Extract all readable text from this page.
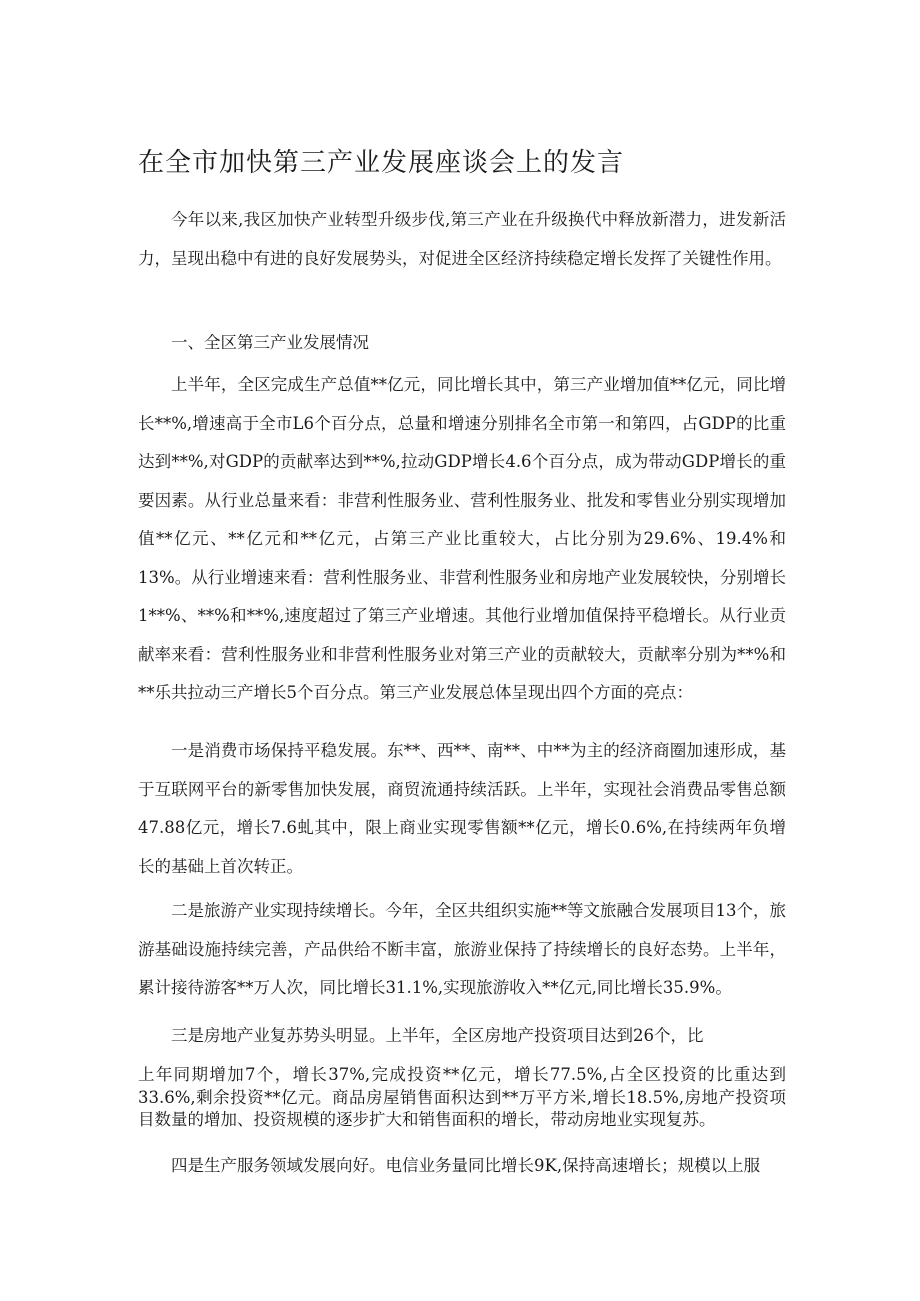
在全市加快第三产业发展座谈会上的发言

今年以来,我区加快产业转型升级步伐,第三产业在升级换代中释放新潜力，进发新活力，呈现出稳中有进的良好发展势头，对促进全区经济持续稳定增长发挥了关键性作用。

一、全区第三产业发展情况

上半年，全区完成生产总值**亿元，同比增长其中，第三产业增加值**亿元，同比增长**%,增速高于全市L6个百分点，总量和增速分别排名全市第一和第四，占GDP的比重达到**%,对GDP的贡献率达到**%,拉动GDP增长4.6个百分点，成为带动GDP增长的重要因素。从行业总量来看：非营利性服务业、营利性服务业、批发和零售业分别实现增加值**亿元、**亿元和**亿元，占第三产业比重较大，占比分别为29.6%、19.4%和13%。从行业增速来看：营利性服务业、非营利性服务业和房地产业发展较快，分别增长1**%、**%和**%,速度超过了第三产业增速。其他行业增加值保持平稳增长。从行业贡献率来看：营利性服务业和非营利性服务业对第三产业的贡献较大，贡献率分别为**%和**乐共拉动三产增长5个百分点。第三产业发展总体呈现出四个方面的亮点：

一是消费市场保持平稳发展。东**、西**、南**、中**为主的经济商圈加速形成，基于互联网平台的新零售加快发展，商贸流通持续活跃。上半年，实现社会消费品零售总额47.88亿元，增长7.6虬其中，限上商业实现零售额**亿元，增长0.6%,在持续两年负增长的基础上首次转正。

二是旅游产业实现持续增长。今年，全区共组织实施**等文旅融合发展项目13个，旅游基础设施持续完善，产品供给不断丰富，旅游业保持了持续增长的良好态势。上半年，累计接待游客**万人次，同比增长31.1%,实现旅游收入**亿元,同比增长35.9%。

三是房地产业复苏势头明显。上半年，全区房地产投资项目达到26个，比

上年同期增加7个，增长37%,完成投资**亿元，增长77.5%,占全区投资的比重达到33.6%,剩余投资**亿元。商品房屋销售面积达到**万平方米,增长18.5%,房地产投资项目数量的增加、投资规模的逐步扩大和销售面积的增长，带动房地业实现复苏。

四是生产服务领域发展向好。电信业务量同比增长9K,保持高速增长；规模以上服
